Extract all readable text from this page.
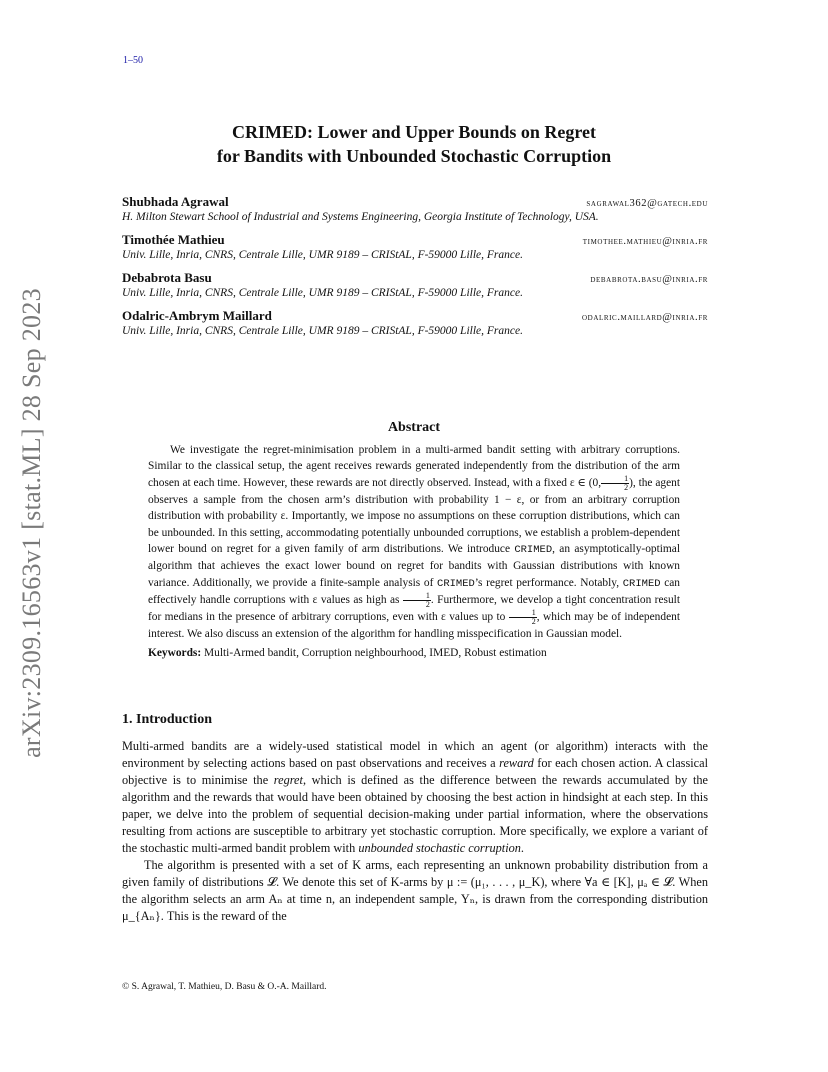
1–50
arXiv:2309.16563v1 [stat.ML] 28 Sep 2023
CRIMED: Lower and Upper Bounds on Regret
for Bandits with Unbounded Stochastic Corruption
Shubhada Agrawal	sagrawal362@gatech.edu
H. Milton Stewart School of Industrial and Systems Engineering, Georgia Institute of Technology, USA.
Timothée Mathieu	timothee.mathieu@inria.fr
Univ. Lille, Inria, CNRS, Centrale Lille, UMR 9189 – CRIStAL, F-59000 Lille, France.
Debabrota Basu	debabrota.basu@inria.fr
Univ. Lille, Inria, CNRS, Centrale Lille, UMR 9189 – CRIStAL, F-59000 Lille, France.
Odalric-Ambrym Maillard	odalric.maillard@inria.fr
Univ. Lille, Inria, CNRS, Centrale Lille, UMR 9189 – CRIStAL, F-59000 Lille, France.
Abstract

We investigate the regret-minimisation problem in a multi-armed bandit setting with arbitrary corruptions. Similar to the classical setup, the agent receives rewards generated independently from the distribution of the arm chosen at each time. However, these rewards are not directly observed. Instead, with a fixed ε ∈ (0, $\frac{1}{2}$ ), the agent observes a sample from the chosen arm’s distribution with probability 1 − ε, or from an arbitrary corruption distribution with probability ε. Importantly, we impose no assumptions on these corruption distributions, which can be unbounded. In this setting, accommodating potentially unbounded corruptions, we establish a problem-dependent lower bound on regret for a given family of arm distributions. We introduce CRIMED, an asymptotically-optimal algorithm that achieves the exact lower bound on regret for bandits with Gaussian distributions with known variance. Additionally, we provide a finite-sample analysis of CRIMED’s regret performance. Notably, CRIMED can effectively handle corruptions with ε values as high as $\frac{1}{2}$ . Furthermore, we develop a tight concentration result for medians in the presence of arbitrary corruptions, even with ε values up to $\frac{1}{2}$ , which may be of independent interest. We also discuss an extension of the algorithm for handling misspecification in Gaussian model.

Keywords: Multi-Armed bandit, Corruption neighbourhood, IMED, Robust estimation
1. Introduction

Multi-armed bandits are a widely-used statistical model in which an agent (or algorithm) interacts with the environment by selecting actions based on past observations and receives a reward for each chosen action. A classical objective is to minimise the regret, which is defined as the difference between the rewards accumulated by the algorithm and the rewards that would have been obtained by choosing the best action in hindsight at each step. In this paper, we delve into the problem of sequential decision-making under partial information, where the observations resulting from actions are susceptible to arbitrary yet stochastic corruption. More specifically, we explore a variant of the stochastic multi-armed bandit problem with unbounded stochastic corruption.

The algorithm is presented with a set of K arms, each representing an unknown probability distribution from a given family of distributions 𝓛. We denote this set of K-arms by μ := (μ₁, . . . , μ_K), where ∀a ∈ [K], μₐ ∈ 𝓛. When the algorithm selects an arm Aₙ at time n, an independent sample, Yₙ, is drawn from the corresponding distribution μ_{Aₙ}. This is the reward of the

© S. Agrawal, T. Mathieu, D. Basu & O.-A. Maillard.
